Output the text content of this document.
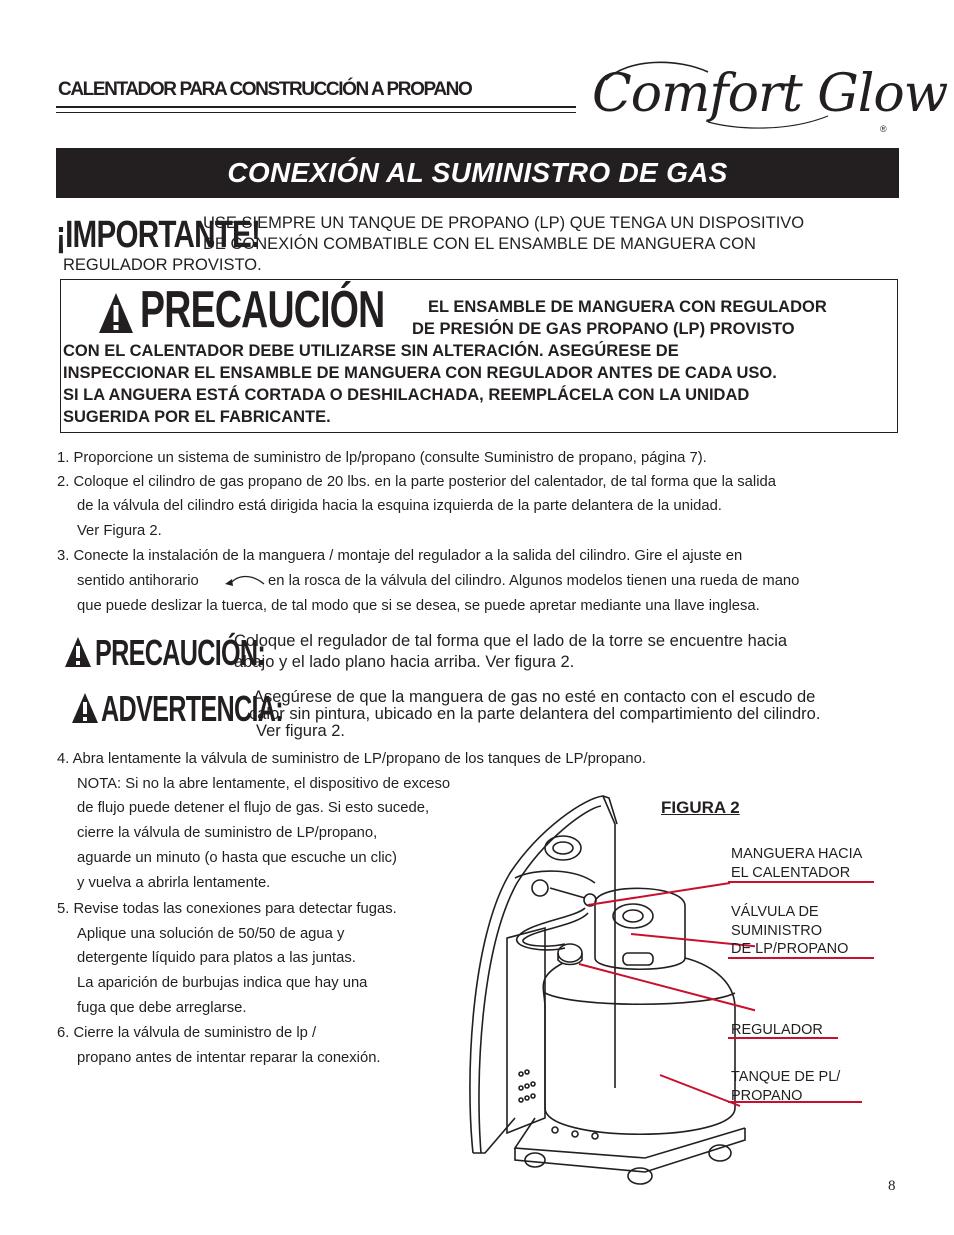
CALENTADOR PARA CONSTRUCCIÓN A PROPANO Comfort Glow
®
CONEXIÓN AL SUMINISTRO DE GAS
¡IMPORTANTE!
USE SIEMPRE UN TANQUE DE PROPANO (LP) QUE TENGA UN DISPOSITIVO
DE CONEXIÓN COMBATIBLE CON EL ENSAMBLE DE MANGUERA CON
REGULADOR PROVISTO.
PRECAUCIÓN	EL ENSAMBLE DE MANGUERA CON REGULADOR
DE PRESIÓN DE GAS PROPANO (LP) PROVISTO
CON EL CALENTADOR DEBE UTILIZARSE SIN ALTERACIÓN. ASEGÚRESE DE
INSPECCIONAR EL ENSAMBLE DE MANGUERA CON REGULADOR ANTES DE CADA USO.
SI LA ANGUERA ESTÁ CORTADA O DESHILACHADA, REEMPLÁCELA CON LA UNIDAD
SUGERIDA POR EL FABRICANTE.
1. Proporcione un sistema de suministro de lp/propano (consulte Suministro de propano, página 7).
2. Coloque el cilindro de gas propano de 20 lbs. en la parte posterior del calentador, de tal forma que la salida
de la válvula del cilindro está dirigida hacia la esquina izquierda de la parte delantera de la unidad.
Ver Figura 2.
3. Conecte la instalación de la manguera / montaje del regulador a la salida del cilindro. Gire el ajuste en
sentido antihorario	en la rosca de la válvula del cilindro. Algunos modelos tienen una rueda de mano
que puede deslizar la tuerca, de tal modo que si se desea, se puede apretar mediante una llave inglesa.
PRECAUCIÓN:
Coloque el regulador de tal forma que el lado de la torre se encuentre hacia
abajo y el lado plano hacia arriba. Ver figura 2.
ADVERTENCIA:
Asegúrese de que la manguera de gas no esté en contacto con el escudo de
calor sin pintura, ubicado en la parte delantera del compartimiento del cilindro.
Ver figura 2.
4. Abra lentamente la válvula de suministro de LP/propano de los tanques de LP/propano.
NOTA: Si no la abre lentamente, el dispositivo de exceso
de flujo puede detener el flujo de gas. Si esto sucede,
cierre la válvula de suministro de LP/propano,
aguarde un minuto (o hasta que escuche un clic)
y vuelva a abrirla lentamente.
5. Revise todas las conexiones para detectar fugas.
Aplique una solución de 50/50 de agua y
detergente líquido para platos a las juntas.
La aparición de burbujas indica que hay una
fuga que debe arreglarse.
6. Cierre la válvula de suministro de lp /
propano antes de intentar reparar la conexión.
FIGURA 2
MANGUERA HACIA
EL CALENTADOR
VÁLVULA DE
SUMINISTRO
DE LP/PROPANO
REGULADOR
TANQUE DE PL/
PROPANO
8
